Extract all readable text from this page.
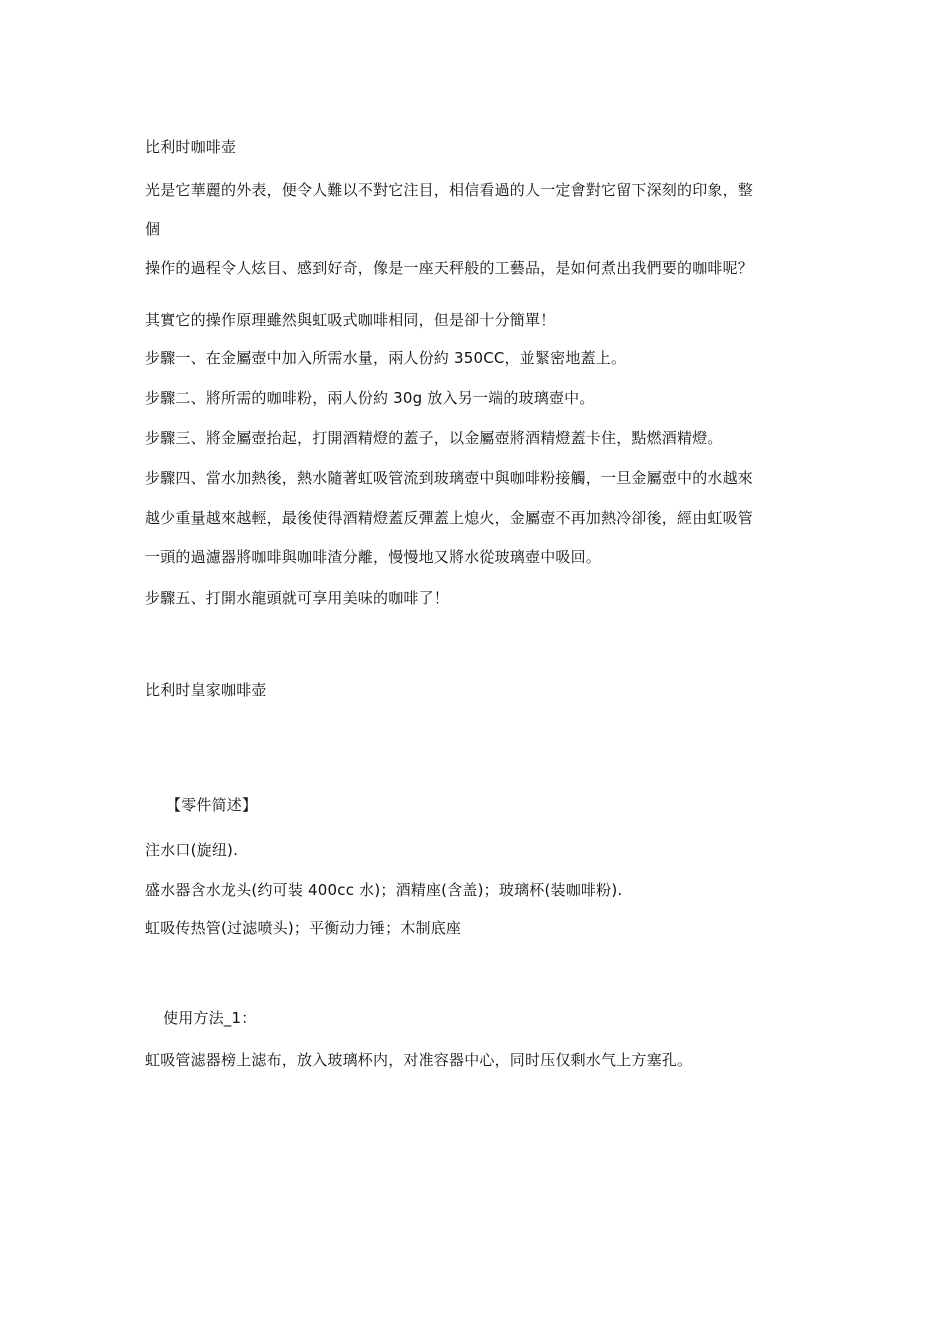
比利时咖啡壶
光是它華麗的外表，便令人難以不對它注目，相信看過的人一定會對它留下深刻的印象，整
個
操作的過程令人炫目、感到好奇，像是一座天秤般的工藝品，是如何煮出我們要的咖啡呢？
其實它的操作原理雖然與虹吸式咖啡相同，但是卻十分簡單！
步驟一、在金屬壺中加入所需水量，兩人份約 350CC，並緊密地蓋上。
步驟二、將所需的咖啡粉，兩人份約 30g 放入另一端的玻璃壺中。
步驟三、將金屬壺抬起，打開酒精燈的蓋子，以金屬壺將酒精燈蓋卡住，點燃酒精燈。
步驟四、當水加熱後，熱水隨著虹吸管流到玻璃壺中與咖啡粉接觸，一旦金屬壺中的水越來
越少重量越來越輕，最後使得酒精燈蓋反彈蓋上熄火，金屬壺不再加熱冷卻後，經由虹吸管
一頭的過濾器將咖啡與咖啡渣分離，慢慢地又將水從玻璃壺中吸回。
步驟五、打開水龍頭就可享用美味的咖啡了！
比利时皇家咖啡壶
【零件简述】
注水口(旋纽).
盛水器含水龙头(约可装 400cc 水)；酒精座(含盖)；玻璃杯(装咖啡粉).
虹吸传热管(过滤喷头)；平衡动力锤；木制底座
使用方法_1：
虹吸管滤器榜上滤布，放入玻璃杯内，对准容器中心，同时压仅剩水气上方塞孔。
